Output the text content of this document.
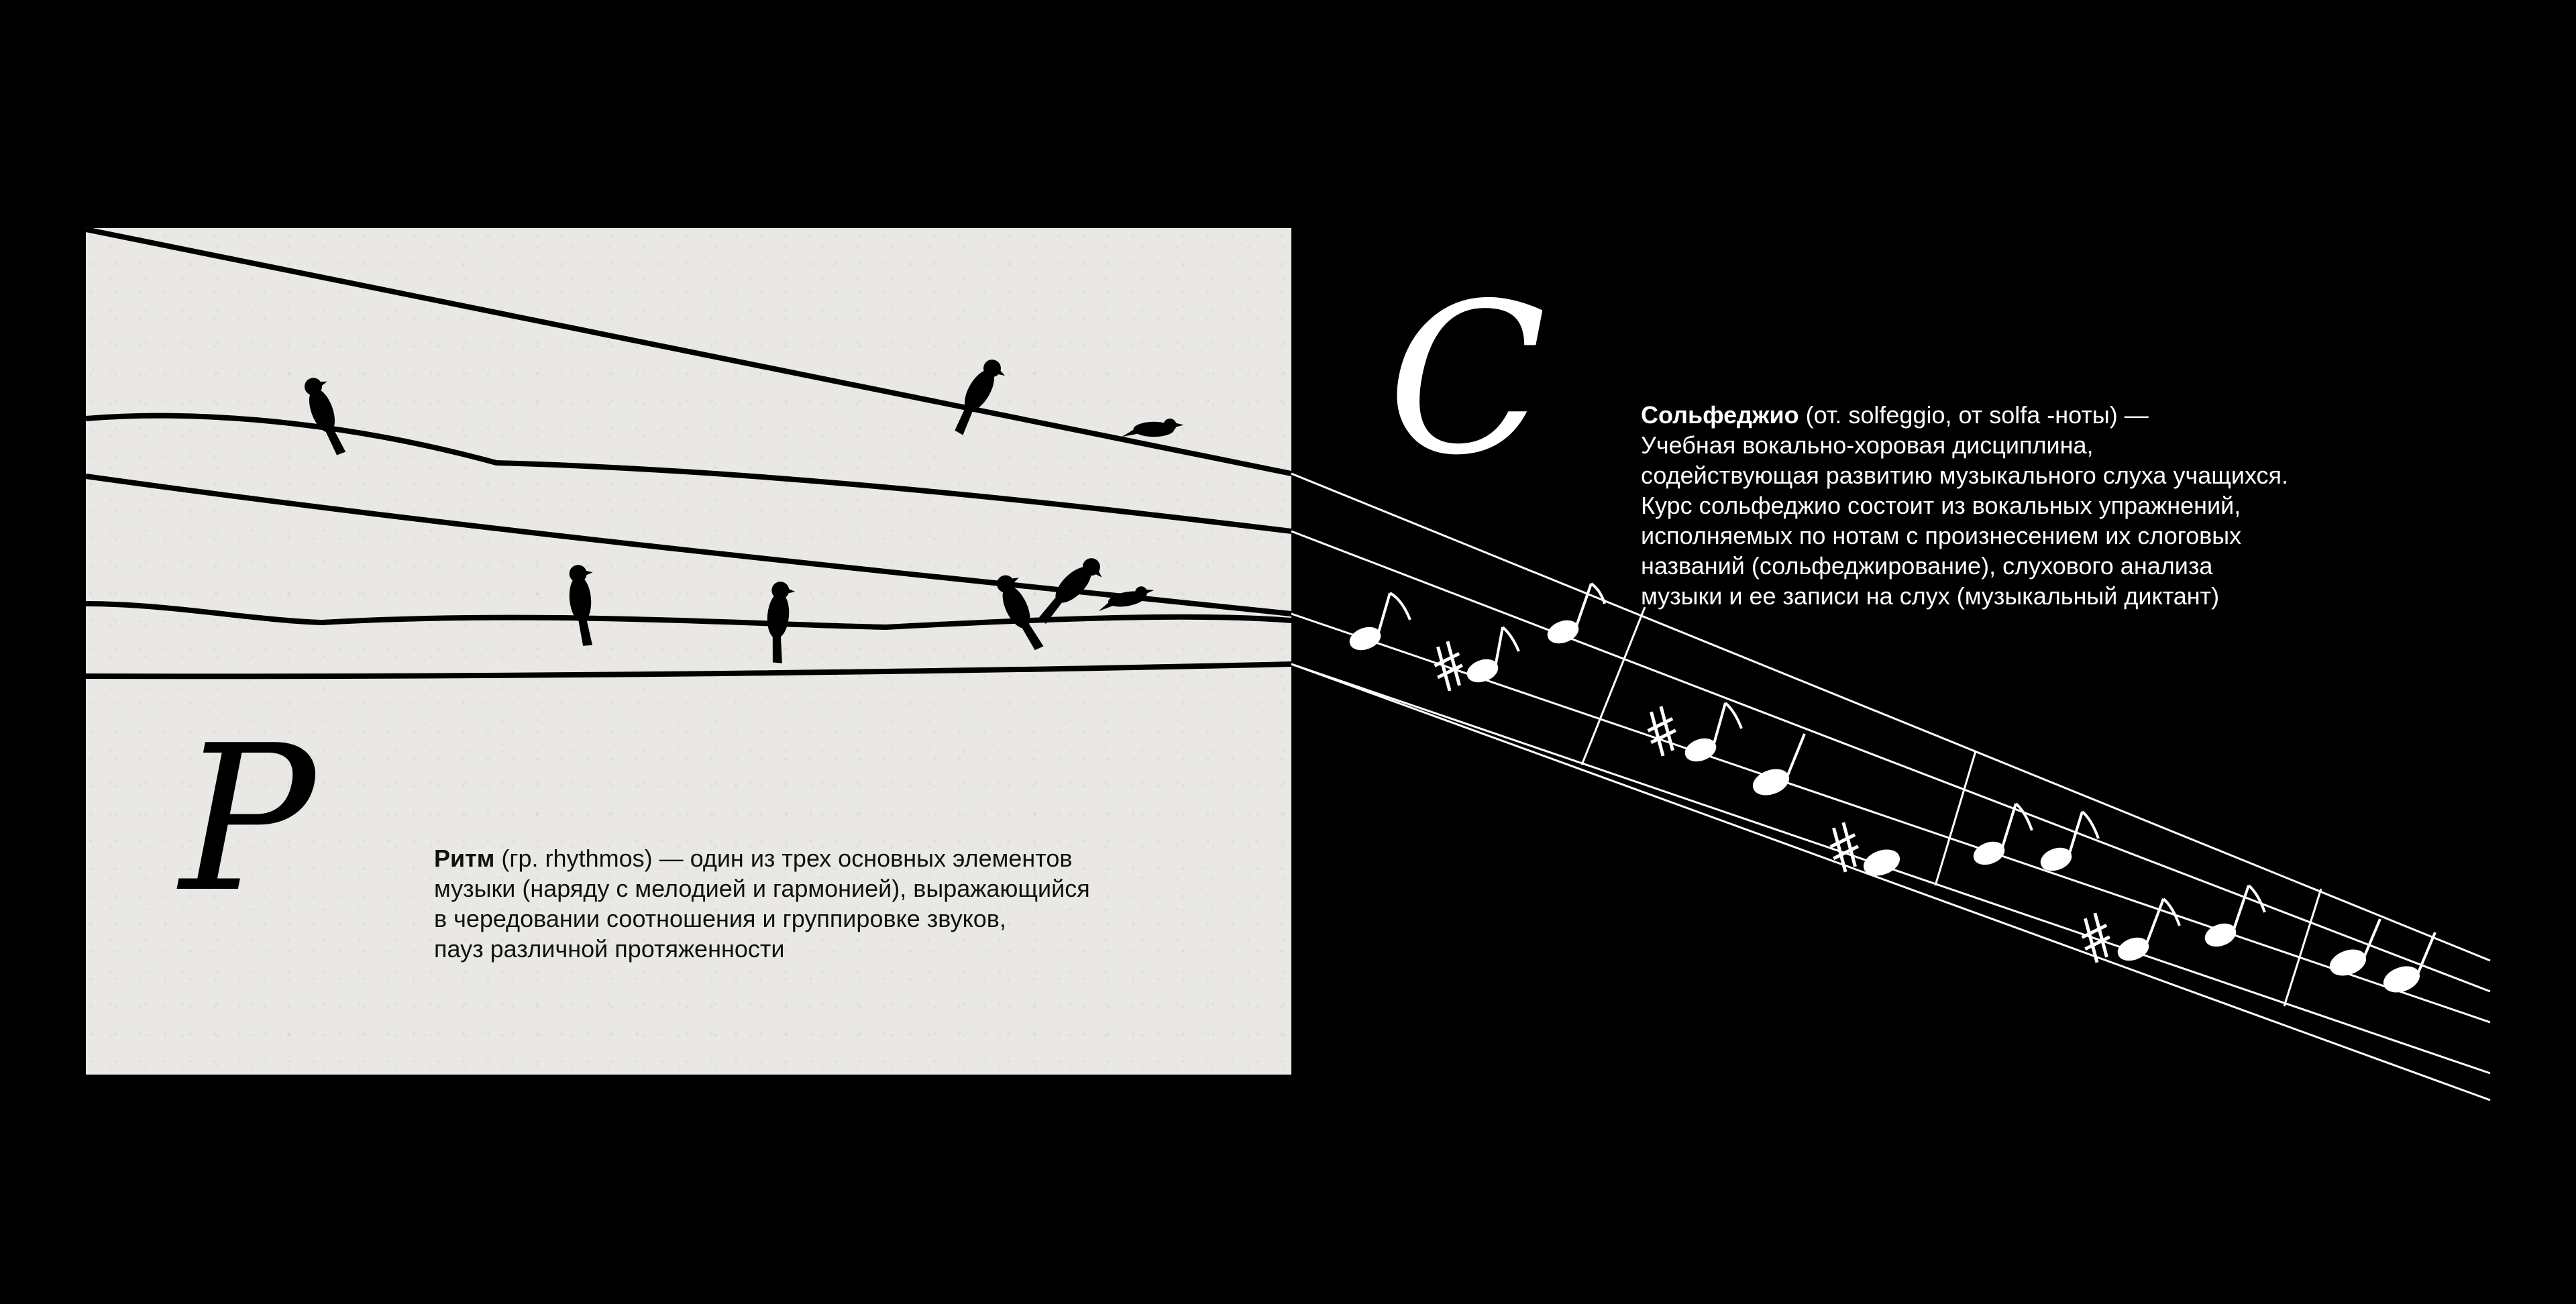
P
C
Ритм (гр. rhythmos) — один из трех основных элементов
музыки (наряду с мелодией и гармонией), выражающийся
в чередовании соотношения и группировке звуков,
пауз различной протяженности
Сольфеджио (от. solfeggio, от solfa -ноты) —
Учебная вокально-хоровая дисциплина,
содействующая развитию музыкального слуха учащихся.
Курс сольфеджио состоит из вокальных упражнений,
исполняемых по нотам с произнесением их слоговых
названий (сольфеджирование), слухового анализа
музыки и ее записи на слух (музыкальный диктант)
